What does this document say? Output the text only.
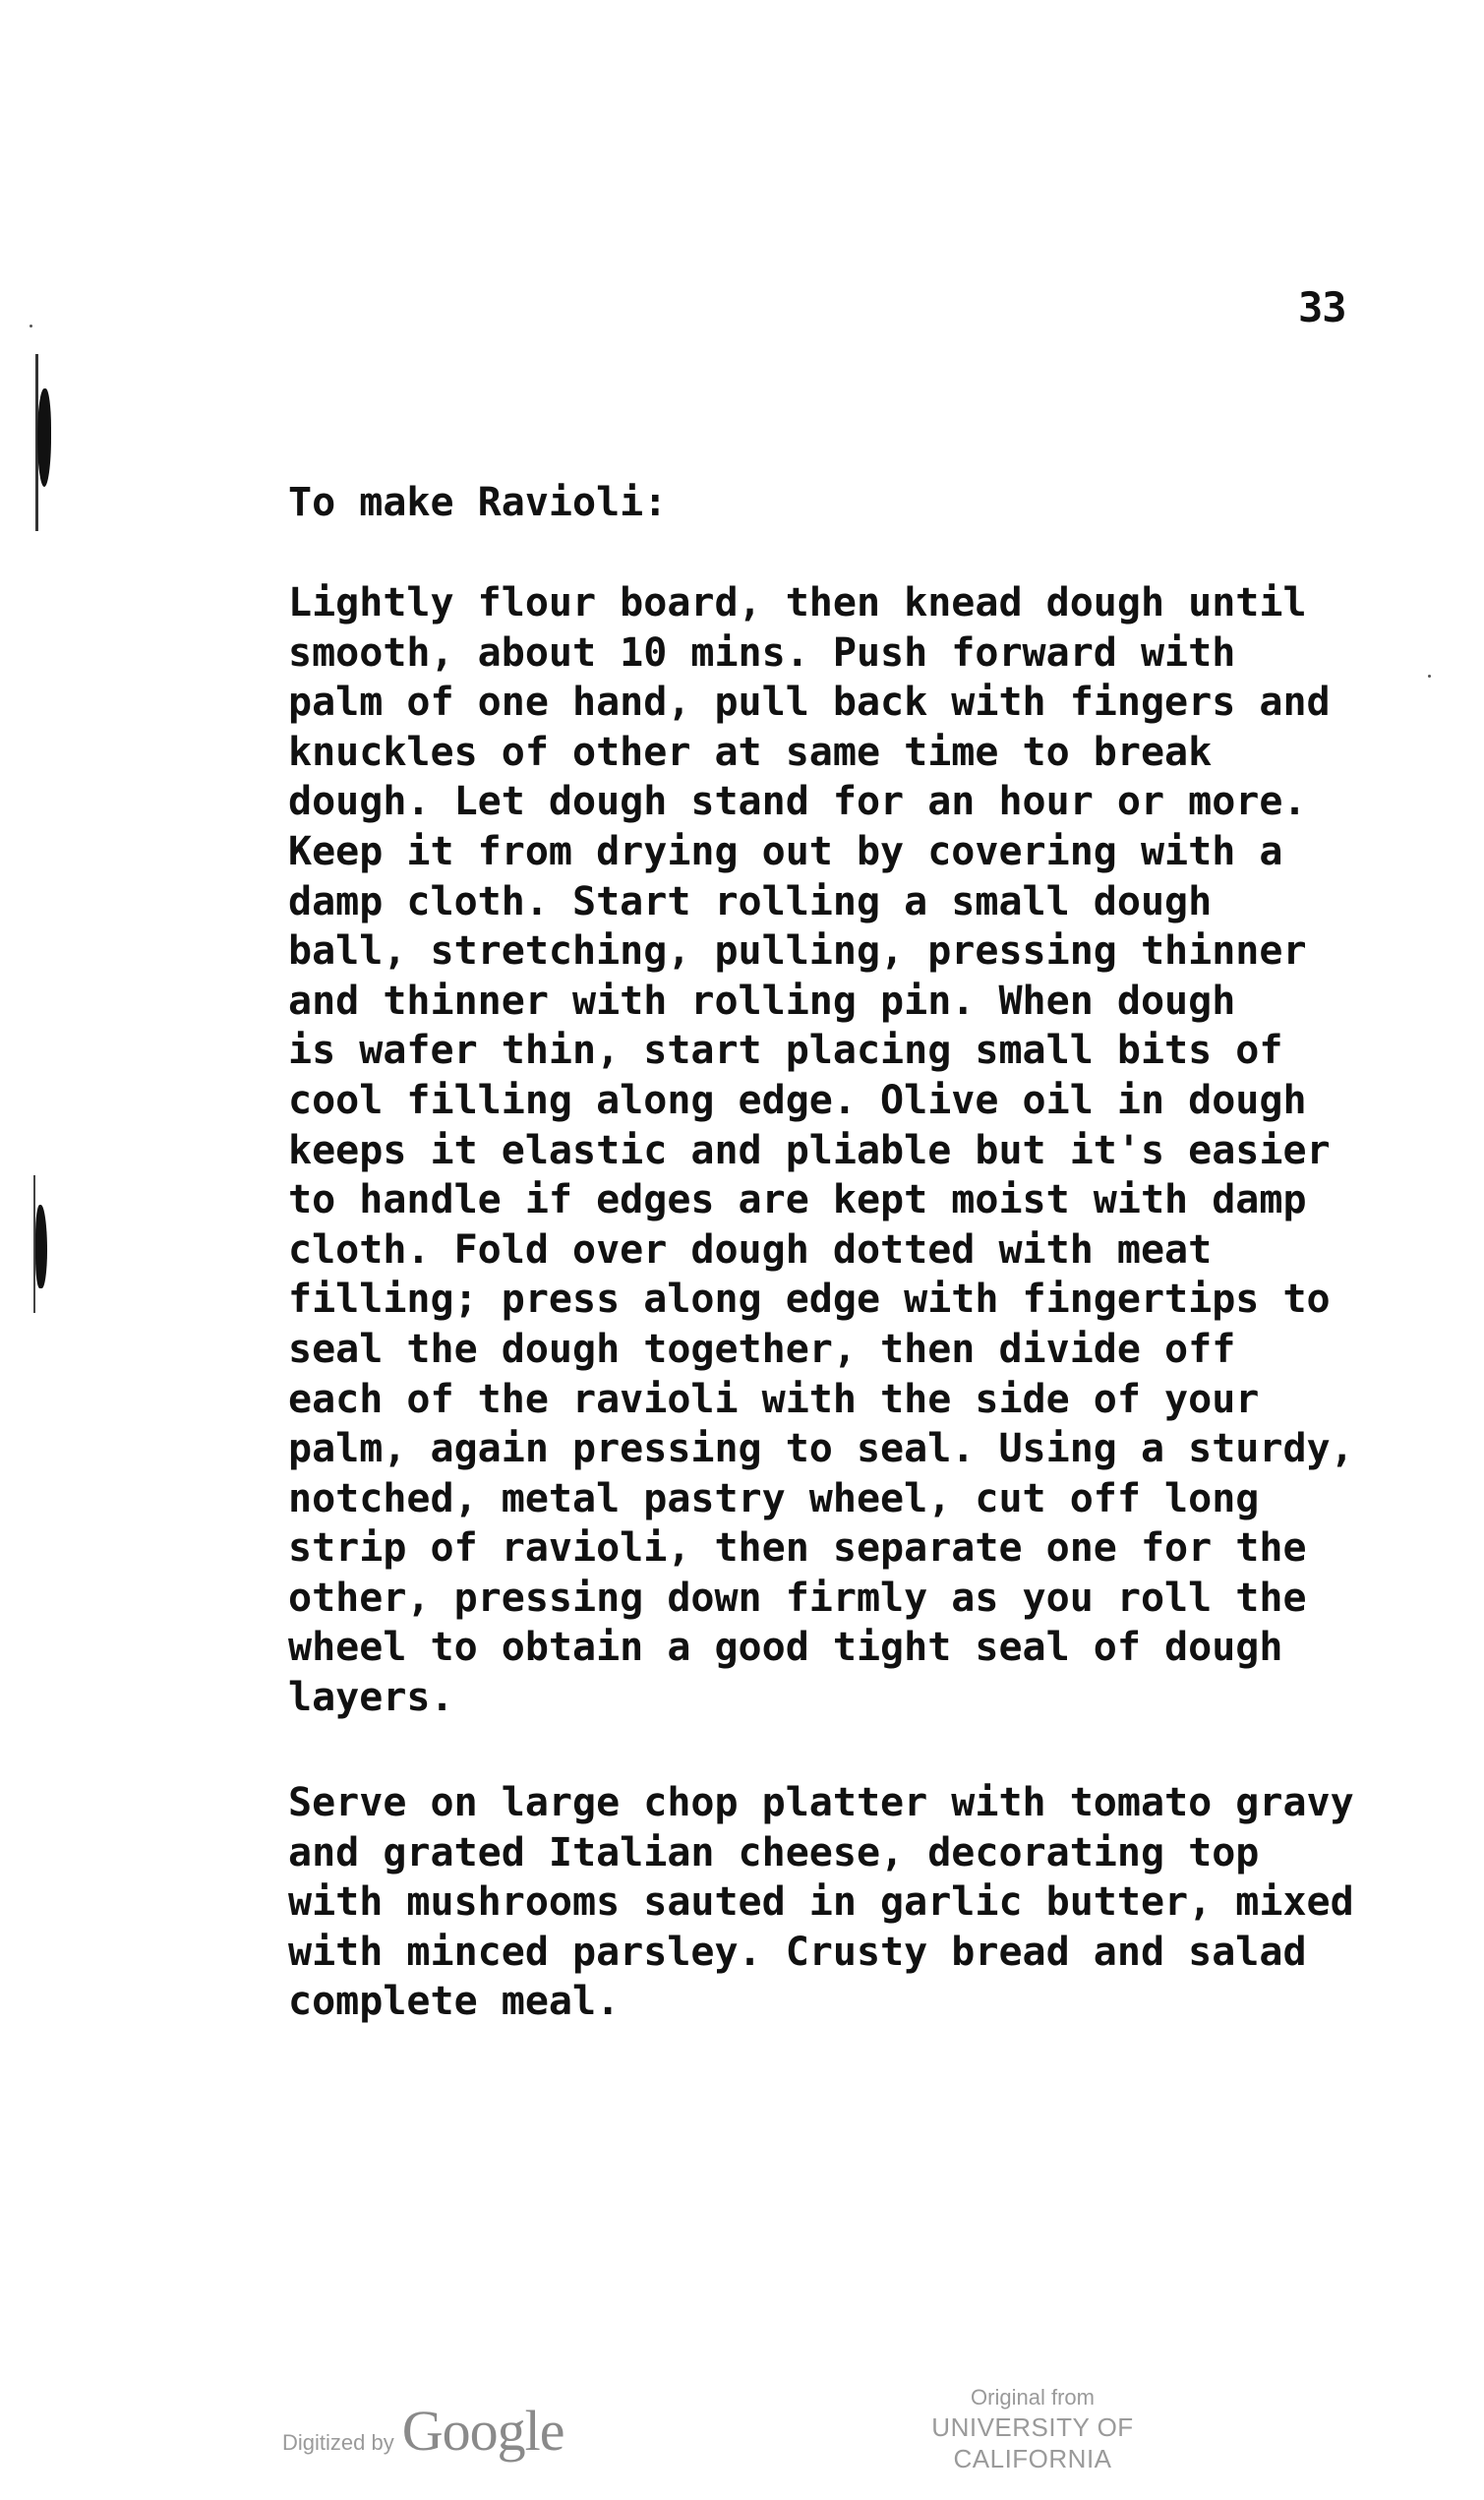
33
To make Ravioli:
Lightly flour board, then knead dough until
smooth, about 10 mins. Push forward with
palm of one hand, pull back with fingers and
knuckles of other at same time to break
dough. Let dough stand for an hour or more.
Keep it from drying out by covering with a
damp cloth. Start rolling a small dough
ball, stretching, pulling, pressing thinner
and thinner with rolling pin. When dough
is wafer thin, start placing small bits of
cool filling along edge. Olive oil in dough
keeps it elastic and pliable but it's easier
to handle if edges are kept moist with damp
cloth. Fold over dough dotted with meat
filling; press along edge with fingertips to
seal the dough together, then divide off
each of the ravioli with the side of your
palm, again pressing to seal. Using a sturdy,
notched, metal pastry wheel, cut off long
strip of ravioli, then separate one for the
other, pressing down firmly as you roll the
wheel to obtain a good tight seal of dough
layers.
Serve on large chop platter with tomato gravy
and grated Italian cheese, decorating top
with mushrooms sauted in garlic butter, mixed
with minced parsley. Crusty bread and salad
complete meal.
Digitized by Google
Original from
UNIVERSITY OF CALIFORNIA
